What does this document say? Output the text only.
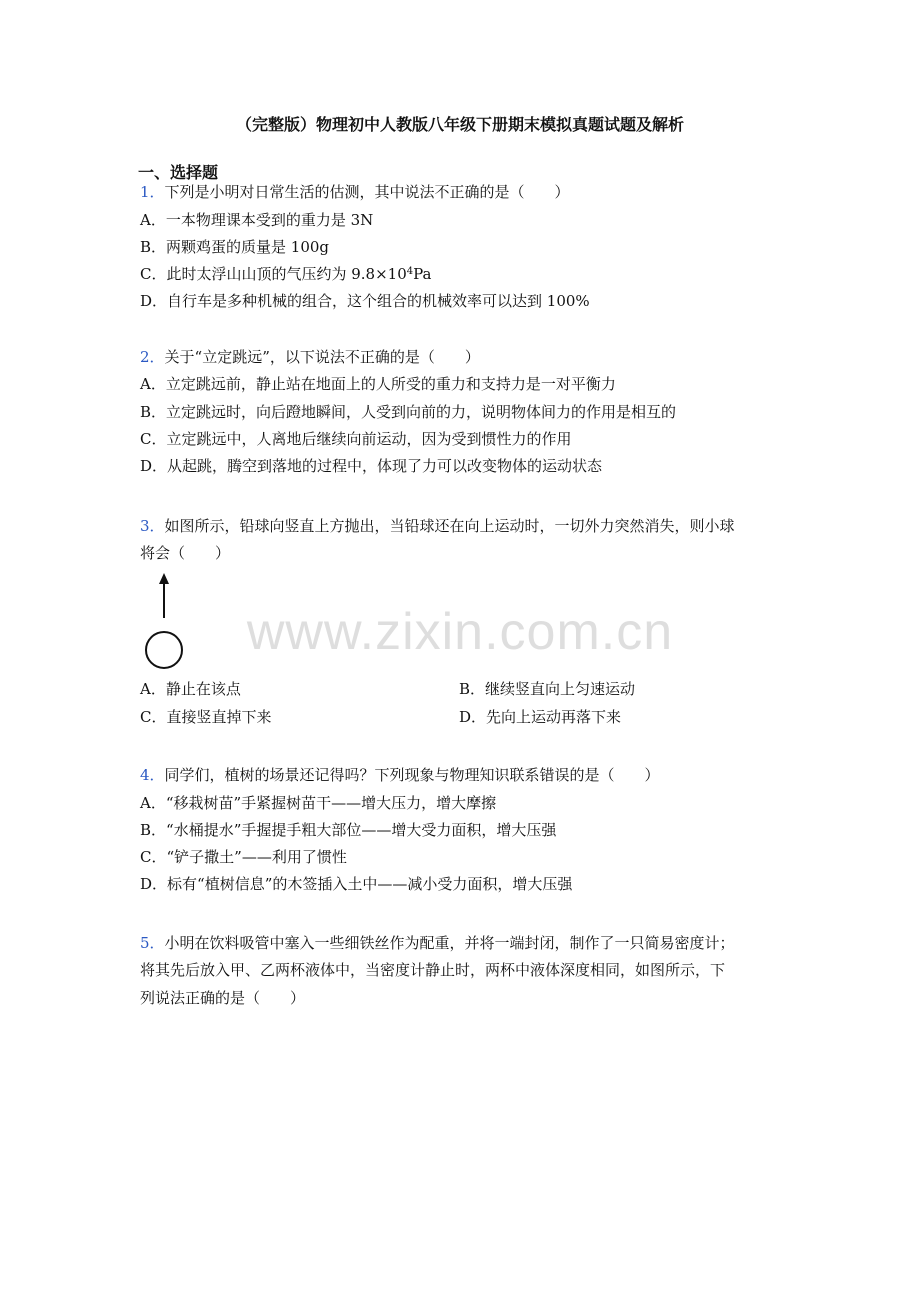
（完整版）物理初中人教版八年级下册期末模拟真题试题及解析
一、选择题
www.zixin.com.cn
1．下列是小明对日常生活的估测，其中说法不正确的是（　　）
A．一本物理课本受到的重力是 3N
B．两颗鸡蛋的质量是 100g
C．此时太浮山山顶的气压约为 $9.8\times 10^4Pa$
D．自行车是多种机械的组合，这个组合的机械效率可以达到 100%
2．关于“立定跳远”，以下说法不正确的是（　　）
A．立定跳远前，静止站在地面上的人所受的重力和支持力是一对平衡力
B．立定跳远时，向后蹬地瞬间，人受到向前的力，说明物体间力的作用是相互的
C．立定跳远中，人离地后继续向前运动，因为受到惯性力的作用
D．从起跳，腾空到落地的过程中，体现了力可以改变物体的运动状态
3．如图所示，铅球向竖直上方抛出，当铅球还在向上运动时，一切外力突然消失，则小球
将会（　　）
A．静止在该点	B．继续竖直向上匀速运动
C．直接竖直掉下来	D．先向上运动再落下来
4．同学们，植树的场景还记得吗？下列现象与物理知识联系错误的是（　　）
A．“移栽树苗”手紧握树苗干——增大压力，增大摩擦
B．“水桶提水”手握提手粗大部位——增大受力面积，增大压强
C．“铲子撒土”——利用了惯性
D．标有“植树信息”的木签插入土中——减小受力面积，增大压强
5．小明在饮料吸管中塞入一些细铁丝作为配重，并将一端封闭，制作了一只简易密度计；
将其先后放入甲、乙两杯液体中，当密度计静止时，两杯中液体深度相同，如图所示，下
列说法正确的是（　　）
